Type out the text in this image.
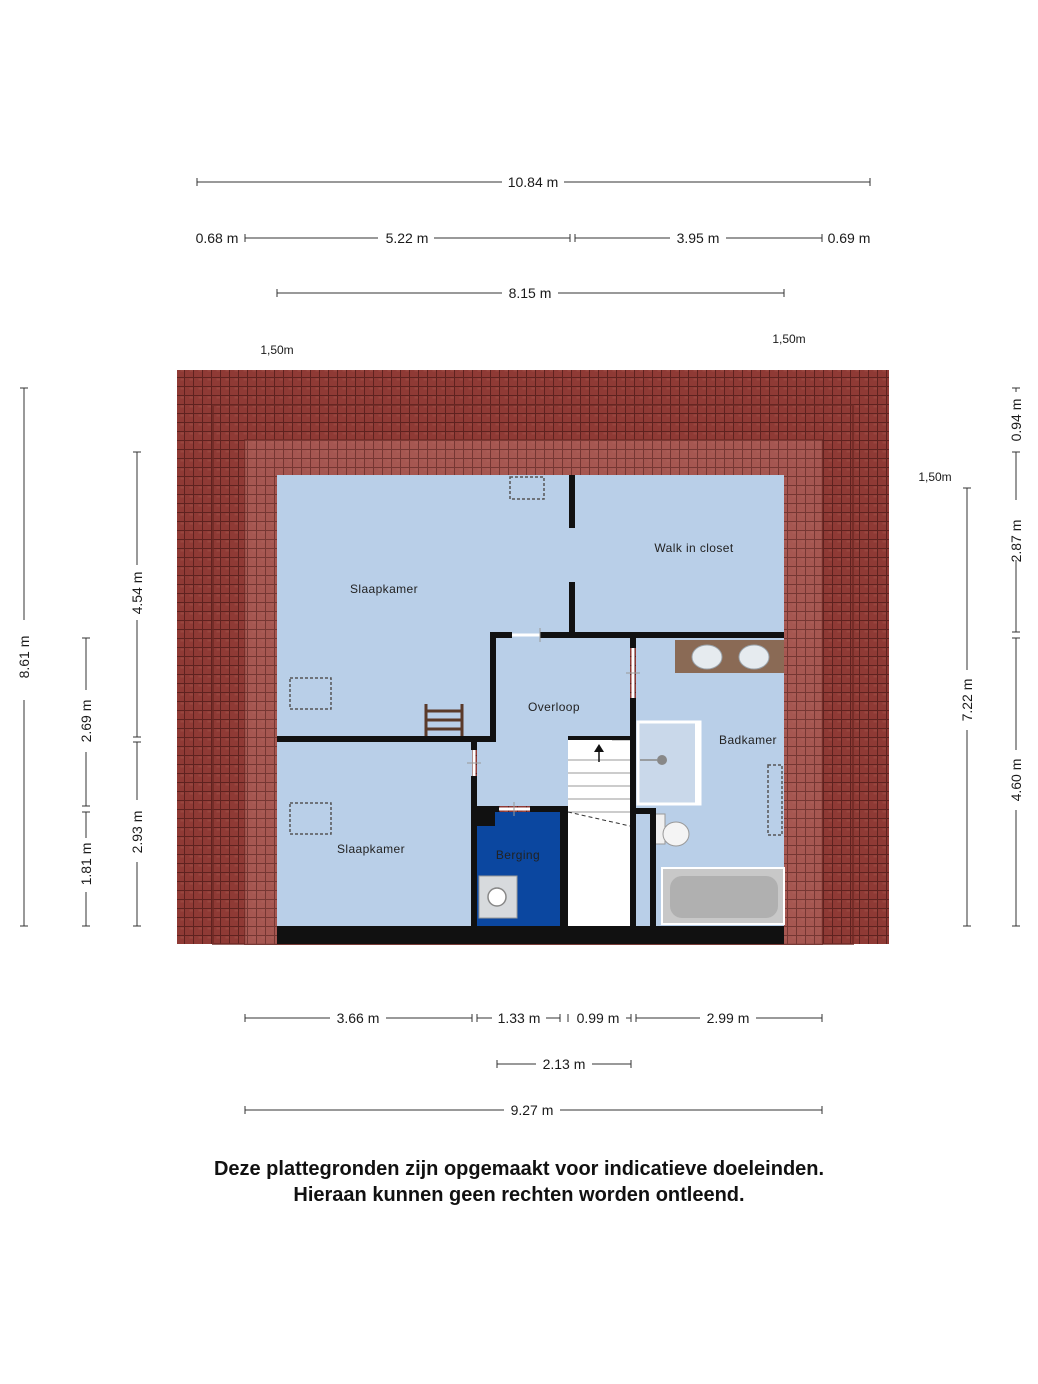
Slaapkamer
Walk in closet
Overloop
Badkamer
Slaapkamer	Berging
10.84 m
0.68 m	5.22 m	3.95 m	0.69 m
8.15 m
1,50m
1,50m
8.61 m
4.54 m
2.93 m
2.69 m
1.81 m
0.94 m
2.87 m
4.60 m
7.22 m
1,50m
3.66 m	1.33 m	0.99 m	2.99 m
2.13 m
9.27 m
Deze plattegronden zijn opgemaakt voor indicatieve doeleinden.
Hieraan kunnen geen rechten worden ontleend.
